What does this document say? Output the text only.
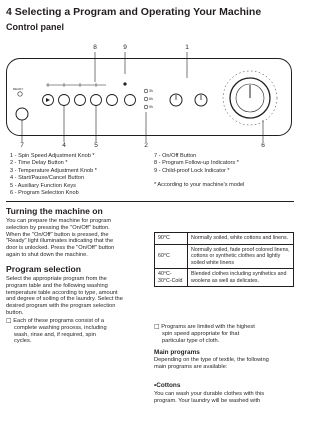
4 Selecting a Program and Operating Your Machine
Control panel
8	9	1
READY	3h
6h
9h
7	4	5	2	6
1 - Spin Speed Adjustment Knob *
2 - Time Delay Button *
3 - Temperature Adjustment Knob *
4 - Start/Pause/Cancel Button
5 - Auxiliary Function Keys
6 - Program Selection Knob
7 - On/Off Button
8 - Program Follow-up Indicators *
9 - Child-proof Lock Indicator *
* According to your machine's model
Turning the machine on
You can prepare the machine for program
selection by pressing the "On/Off" button.
When the "On/Off" button is pressed, the
"Ready" light illuminates indicating that the
door is unlocked. Press the "On/Off" button
again to shut down the machine.
Program selection
Select the appropriate program from the
program table and the following washing
temperature table according to type, amount
and degree of soiling of the laundry. Select the
desired program with the program selection
button.
□ Each of these programs consist of a
complete washing process, including
wash, rinse and, if required, spin
cycles.
90°C	Normally soiled, white cottons and linens.
60°C	Normally soiled, fade proof colored linens, cottons or synthetic clothes and lightly soiled white linens
40°C-30°C-Cold	Blended clothes including synthetics and woolens as well as delicates.
□ Programs are limited with the highest
spin speed appropriate for that
particular type of cloth.
Main programs
Depending on the type of textile, the following
main programs are available:
•Cottons
You can wash your durable clothes with this
program. Your laundry will be washed with
